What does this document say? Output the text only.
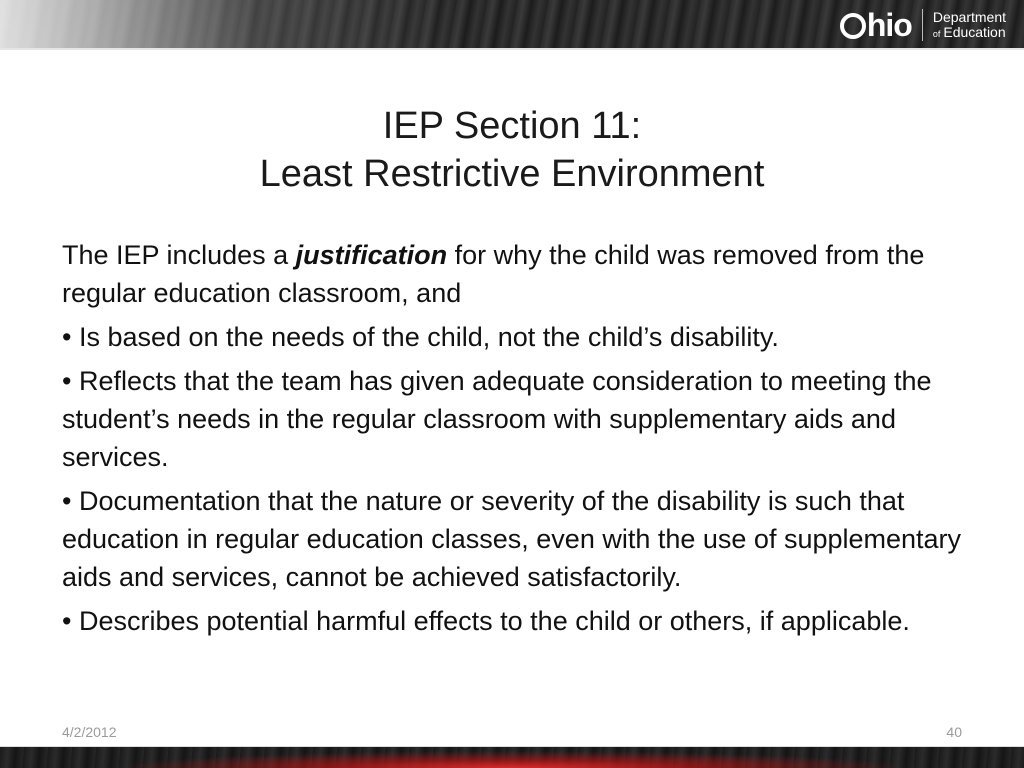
hio Department
of Education
IEP Section 11:
Least Restrictive Environment

The IEP includes a justification for why the child was removed from the regular education classroom, and

• Is based on the needs of the child, not the child’s disability.

• Reflects that the team has given adequate consideration to meeting the student’s needs in the regular classroom with supplementary aids and services.

• Documentation that the nature or severity of the disability is such that education in regular education classes, even with the use of supplementary aids and services, cannot be achieved satisfactorily.

• Describes potential harmful effects to the child or others, if applicable.

4/2/2012	40
